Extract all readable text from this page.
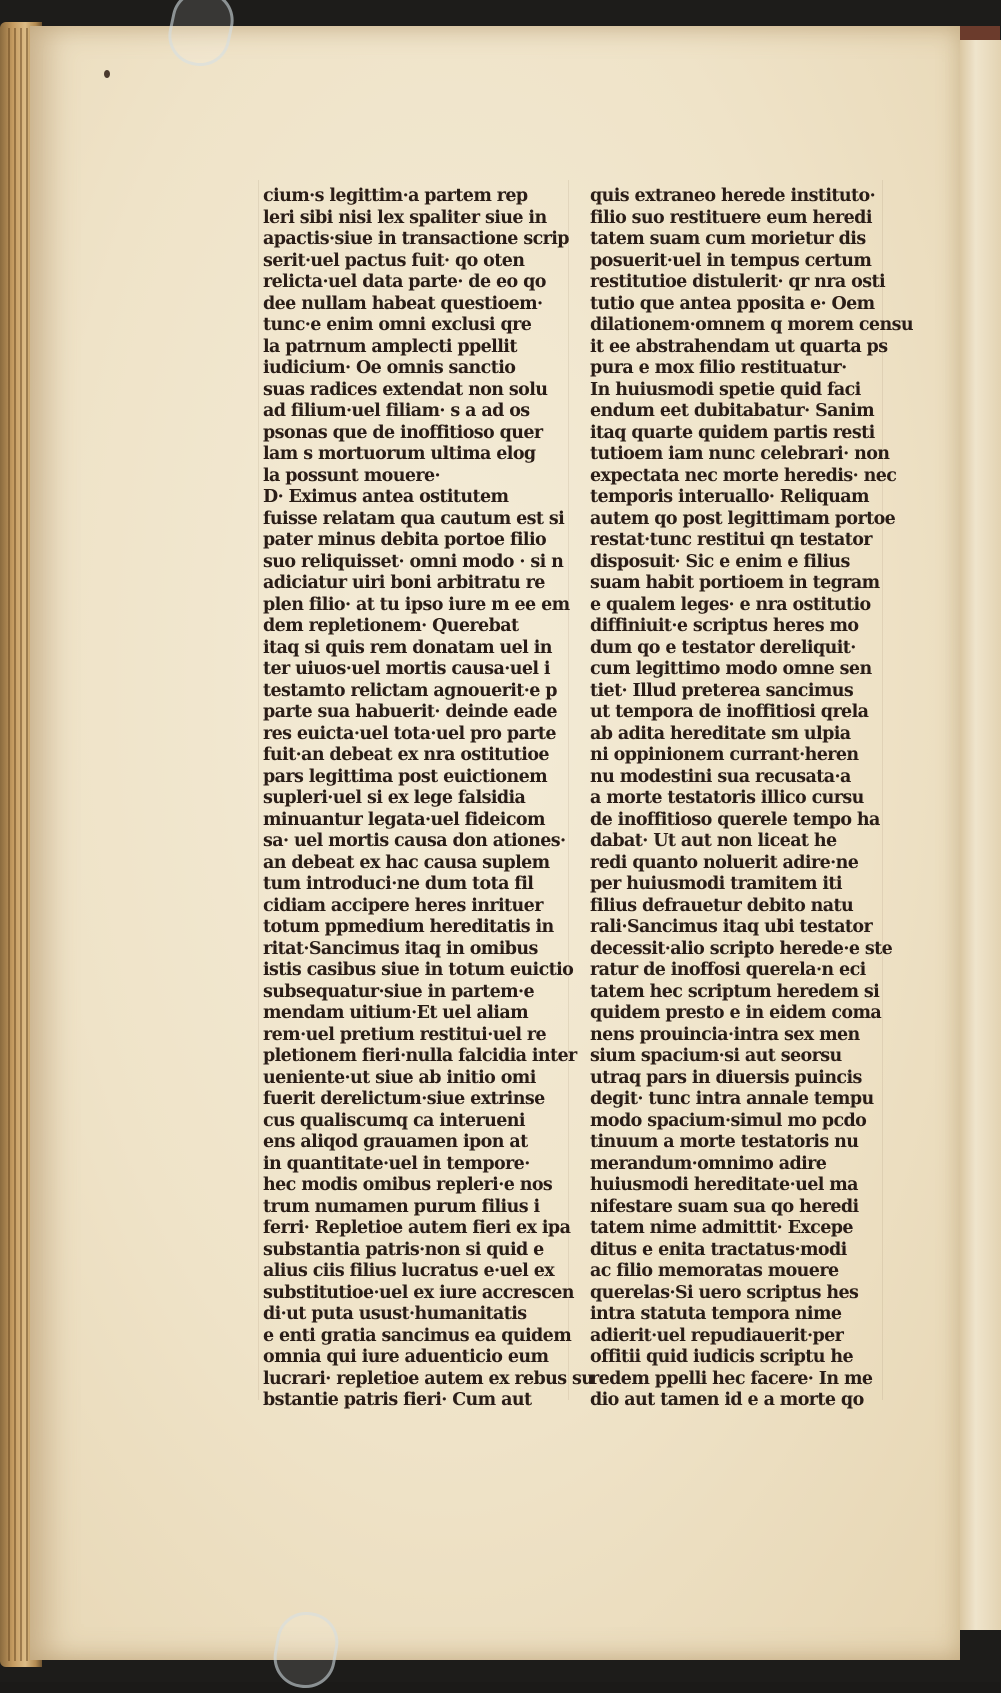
cium·s legittim·a partem rep
leri sibi nisi lex spaliter siue in
apactis·siue in transactione scrip
serit·uel pactus fuit· qo oten
relicta·uel data parte· de eo qo
dee nullam habeat questioem·
tunc·e enim omni exclusi qre
la patrnum amplecti ppellit
iudicium· Oe omnis sanctio
suas radices extendat non solu
ad filium·uel filiam· s a ad os
psonas que de inoffitioso quer
lam s mortuorum ultima elog
la possunt mouere·
D· Eximus antea ostitutem
fuisse relatam qua cautum est si
pater minus debita portoe filio
suo reliquisset· omni modo · si n
adiciatur uiri boni arbitratu re
plen filio· at tu ipso iure m ee em
dem repletionem· Querebat
itaq si quis rem donatam uel in
ter uiuos·uel mortis causa·uel i
testamto relictam agnouerit·e p
parte sua habuerit· deinde eade
res euicta·uel tota·uel pro parte
fuit·an debeat ex nra ostitutioe
pars legittima post euictionem
supleri·uel si ex lege falsidia
minuantur legata·uel fideicom
sa· uel mortis causa don ationes·
an debeat ex hac causa suplem
tum introduci·ne dum tota fil
cidiam accipere heres inrituer
totum ppmedium hereditatis in
ritat·Sancimus itaq in omibus
istis casibus siue in totum euictio
subsequatur·siue in partem·e
mendam uitium·Et uel aliam
rem·uel pretium restitui·uel re
pletionem fieri·nulla falcidia inter
ueniente·ut siue ab initio omi
fuerit derelictum·siue extrinse
cus qualiscumq ca interueni
ens aliqod grauamen ipon at
in quantitate·uel in tempore·
hec modis omibus repleri·e nos
trum numamen purum filius i
ferri· Repletioe autem fieri ex ipa
substantia patris·non si quid e
alius ciis filius lucratus e·uel ex
substitutioe·uel ex iure accrescen
di·ut puta usust·humanitatis
e enti gratia sancimus ea quidem
omnia qui iure aduenticio eum
lucrari· repletioe autem ex rebus su
bstantie patris fieri· Cum aut
quis extraneo herede instituto·
filio suo restituere eum heredi
tatem suam cum morietur dis
posuerit·uel in tempus certum
restitutioe distulerit· qr nra osti
tutio que antea pposita e· Oem
dilationem·omnem q morem censu
it ee abstrahendam ut quarta ps
pura e mox filio restituatur·
In huiusmodi spetie quid faci
endum eet dubitabatur· Sanim
itaq quarte quidem partis resti
tutioem iam nunc celebrari· non
expectata nec morte heredis· nec
temporis interuallo· Reliquam
autem qo post legittimam portoe
restat·tunc restitui qn testator
disposuit· Sic e enim e filius
suam habit portioem in tegram
e qualem leges· e nra ostitutio
diffiniuit·e scriptus heres mo
dum qo e testator dereliquit·
cum legittimo modo omne sen
tiet· Illud preterea sancimus
ut tempora de inoffitiosi qrela
ab adita hereditate sm ulpia
ni oppinionem currant·heren
nu modestini sua recusata·a
a morte testatoris illico cursu
de inoffitioso querele tempo ha
dabat· Ut aut non liceat he
redi quanto noluerit adire·ne
per huiusmodi tramitem iti
filius defrauetur debito natu
rali·Sancimus itaq ubi testator
decessit·alio scripto herede·e ste
ratur de inoffosi querela·n eci
tatem hec scriptum heredem si
quidem presto e in eidem coma
nens prouincia·intra sex men
sium spacium·si aut seorsu
utraq pars in diuersis puincis
degit· tunc intra annale tempu
modo spacium·simul mo pcdo
tinuum a morte testatoris nu
merandum·omnimo adire
huiusmodi hereditate·uel ma
nifestare suam sua qo heredi
tatem nime admittit· Excepe
ditus e enita tractatus·modi
ac filio memoratas mouere
querelas·Si uero scriptus hes
intra statuta tempora nime
adierit·uel repudiauerit·per
offitii quid iudicis scriptu he
redem ppelli hec facere· In me
dio aut tamen id e a morte qo
